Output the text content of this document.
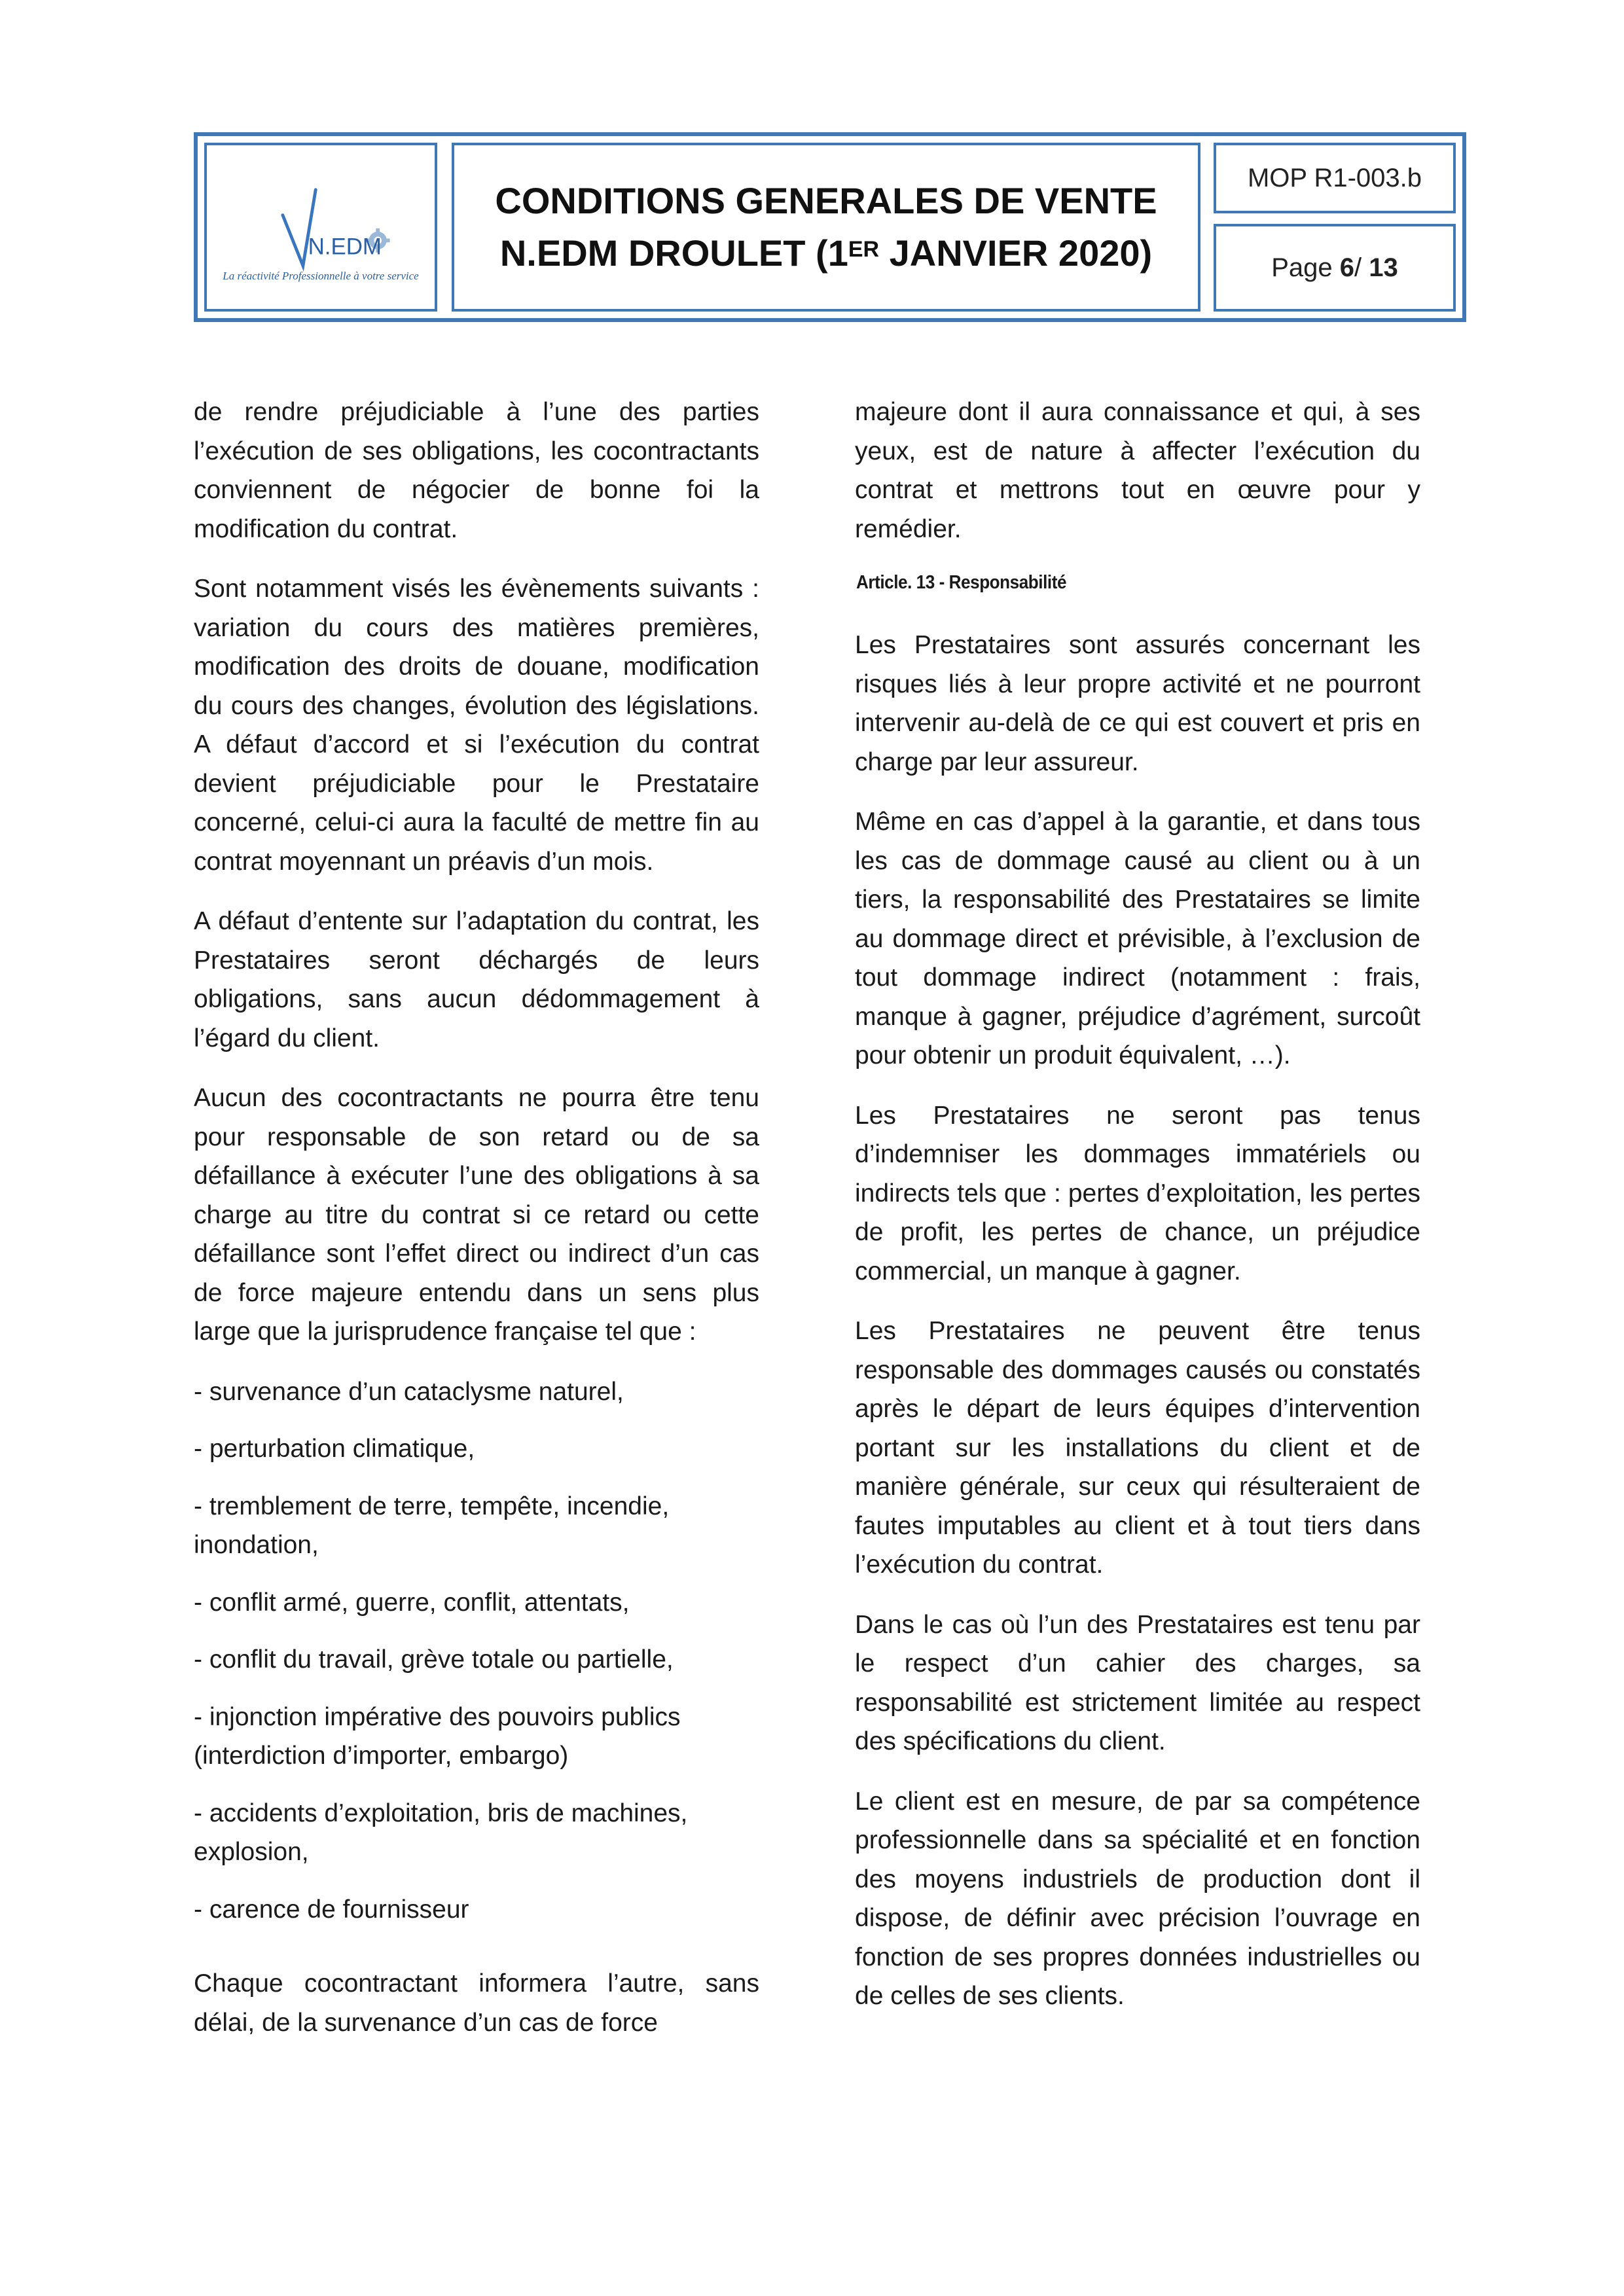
N.EDM
La réactivité Professionnelle à votre service
CONDITIONS GENERALES DE VENTE
N.EDM DROULET (1ER JANVIER 2020)
MOP R1-003.b
Page 6/ 13

de rendre préjudiciable à l’une des parties l’exécution de ses obligations, les cocontractants conviennent de négocier de bonne foi la modification du contrat.

Sont notamment visés les évènements suivants : variation du cours des matières premières, modification des droits de douane, modification du cours des changes, évolution des législations. A défaut d’accord et si l’exécution du contrat devient préjudiciable pour le Prestataire concerné, celui-ci aura la faculté de mettre fin au contrat moyennant un préavis d’un mois.

A défaut d’entente sur l’adaptation du contrat, les Prestataires seront déchargés de leurs obligations, sans aucun dédommagement à l’égard du client.

Aucun des cocontractants ne pourra être tenu pour responsable de son retard ou de sa défaillance à exécuter l’une des obligations à sa charge au titre du contrat si ce retard ou cette défaillance sont l’effet direct ou indirect d’un cas de force majeure entendu dans un sens plus large que la jurisprudence française tel que :

- survenance d’un cataclysme naturel,

- perturbation climatique,

- tremblement de terre, tempête, incendie, inondation,

- conflit armé, guerre, conflit, attentats,

- conflit du travail, grève totale ou partielle,

- injonction impérative des pouvoirs publics (interdiction d’importer, embargo)

- accidents d’exploitation, bris de machines, explosion,

- carence de fournisseur

Chaque cocontractant informera l’autre, sans délai, de la survenance d’un cas de force

majeure dont il aura connaissance et qui, à ses yeux, est de nature à affecter l’exécution du contrat et mettrons tout en œuvre pour y remédier.

Article. 13 - Responsabilité

Les Prestataires sont assurés concernant les risques liés à leur propre activité et ne pourront intervenir au-delà de ce qui est couvert et pris en charge par leur assureur.

Même en cas d’appel à la garantie, et dans tous les cas de dommage causé au client ou à un tiers, la responsabilité des Prestataires se limite au dommage direct et prévisible, à l’exclusion de tout dommage indirect (notamment : frais, manque à gagner, préjudice d’agrément, surcoût pour obtenir un produit équivalent, …).

Les Prestataires ne seront pas tenus d’indemniser les dommages immatériels ou indirects tels que : pertes d’exploitation, les pertes de profit, les pertes de chance, un préjudice commercial, un manque à gagner.

Les Prestataires ne peuvent être tenus responsable des dommages causés ou constatés après le départ de leurs équipes d’intervention portant sur les installations du client et de manière générale, sur ceux qui résulteraient de fautes imputables au client et à tout tiers dans l’exécution du contrat.

Dans le cas où l’un des Prestataires est tenu par le respect d’un cahier des charges, sa responsabilité est strictement limitée au respect des spécifications du client.

Le client est en mesure, de par sa compétence professionnelle dans sa spécialité et en fonction des moyens industriels de production dont il dispose, de définir avec précision l’ouvrage en fonction de ses propres données industrielles ou de celles de ses clients.
